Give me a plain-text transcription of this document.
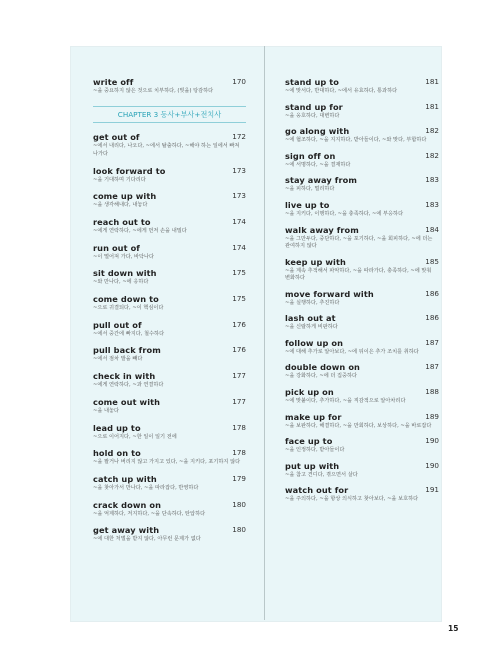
write off	170
~을 중요하지 않은 것으로 치부하다, (빚을) 탕감하다
CHAPTER 3 동사+부사+전치사
get out of	172
~에서 내리다, 나오다, ~에서 탈출하다, ~해야 하는 일에서 빠져나가다
look forward to	173
~을 기대하며 기다리다
come up with	173
~을 생각해내다, 내놓다
reach out to	174
~에게 연락하다, ~에게 먼저 손을 내밀다
run out of	174
~이 떨어져 가다, 바닥나다
sit down with	175
~와 만나다, ~에 응하다
come down to	175
~으로 귀결되다, ~이 핵심이다
pull out of	176
~에서 중간에 빠지다, 철수하다
pull back from	176
~에서 점차 발을 빼다
check in with	177
~에게 연락하다, ~과 연결하다
come out with	177
~을 내놓다
lead up to	178
~으로 이어지다, ~한 일이 일기 전에
hold on to	178
~을 팔거나 버리지 않고 가지고 있다, ~을 지키다, 포기하지 않다
catch up with	179
~을 찾아가서 만나다, ~을 따라잡다, 반영하다
crack down on	180
~을 억제하다, 저지하다, ~을 단속하다, 탄압하다
get away with	180
~에 대한 처벌을 받지 않다, 아무런 문제가 없다
stand up to	181
~에 맞서다, 반대하다, ~에서 유효하다, 통과하다
stand up for	181
~을 옹호하다, 대변하다
go along with	182
~에 협조하다, ~을 지지하다, 받아들이다, ~와 맞다, 부합하다
sign off on	182
~에 서명하다, ~을 결재하다
stay away from	183
~을 피하다, 멀리하다
live up to	183
~을 지키다, 이행하다, ~을 충족하다, ~에 부응하다
walk away from	184
~을 그만두다, 중단하다, ~을 포기하다, ~을 회피하다, ~에 더는 관여하지 않다
keep up with	185
~을 계속 추적해서 파악하다, ~을 따라가다, 충족하다, ~에 맞춰 변화하다
move forward with	186
~을 실행하다, 추진하다
lash out at	186
~을 신랄하게 비판하다
follow up on	187
~에 대해 추가로 알아보다, ~에 뒤이은 추가 조치를 취하다
double down on	187
~을 강화하다, ~에 더 집중하다
pick up on	188
~에 맞붙이다, 추가하다, ~을 직감적으로 알아차리다
make up for	189
~을 보완하다, 해결하다, ~을 만회하다, 보상하다, ~을 바로잡다
face up to	190
~을 인정하다, 받아들이다
put up with	190
~을 참고 견디다, 겪으면서 살다
watch out for	191
~을 주의하다, ~을 항상 의식하고 찾아보다, ~을 보호하다
15
